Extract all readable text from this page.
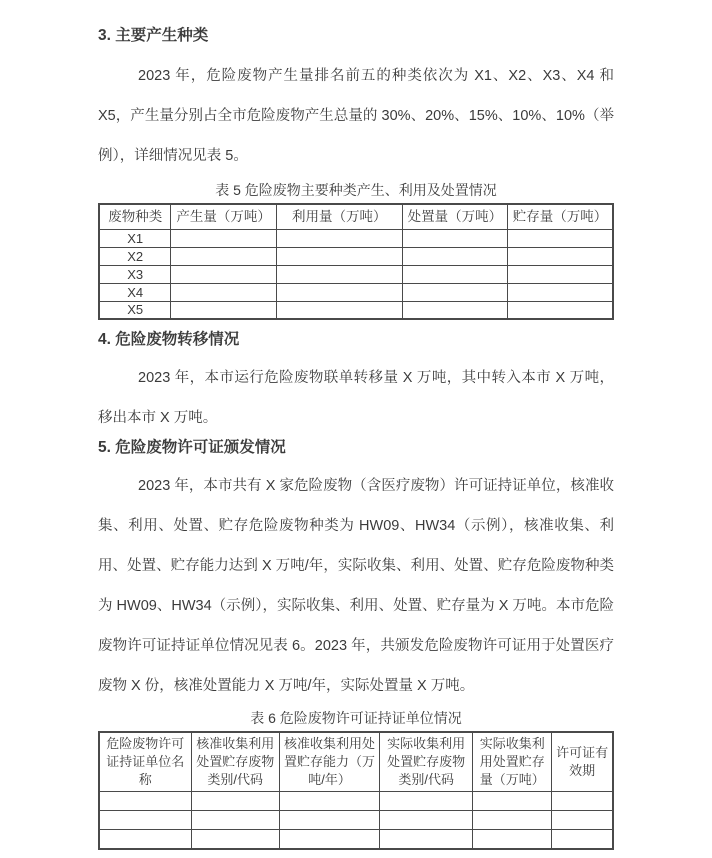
3. 主要产生种类

2023 年，危险废物产生量排名前五的种类依次为 X1、X2、X3、X4 和 X5，产生量分别占全市危险废物产生总量的 30%、20%、15%、10%、10%（举例），详细情况见表 5。

表 5 危险废物主要种类产生、利用及处置情况

废物种类	产生量（万吨）	利用量（万吨）	处置量（万吨）	贮存量（万吨）
X1				
X2				
X3				
X4				
X5				
4. 危险废物转移情况

2023 年，本市运行危险废物联单转移量 X 万吨，其中转入本市 X 万吨，移出本市 X 万吨。

5. 危险废物许可证颁发情况

2023 年，本市共有 X 家危险废物（含医疗废物）许可证持证单位，核准收集、利用、处置、贮存危险废物种类为 HW09、HW34（示例），核准收集、利用、处置、贮存能力达到 X 万吨/年，实际收集、利用、处置、贮存危险废物种类为 HW09、HW34（示例），实际收集、利用、处置、贮存量为 X 万吨。本市危险废物许可证持证单位情况见表 6。2023 年，共颁发危险废物许可证用于处置医疗废物 X 份，核准处置能力 X 万吨/年，实际处置量 X 万吨。

表 6 危险废物许可证持证单位情况

危险废物许可证持证单位名称	核准收集利用处置贮存废物类别/代码	核准收集利用处置贮存能力（万吨/年）	实际收集利用处置贮存废物类别/代码	实际收集利用处置贮存量（万吨）	许可证有效期
